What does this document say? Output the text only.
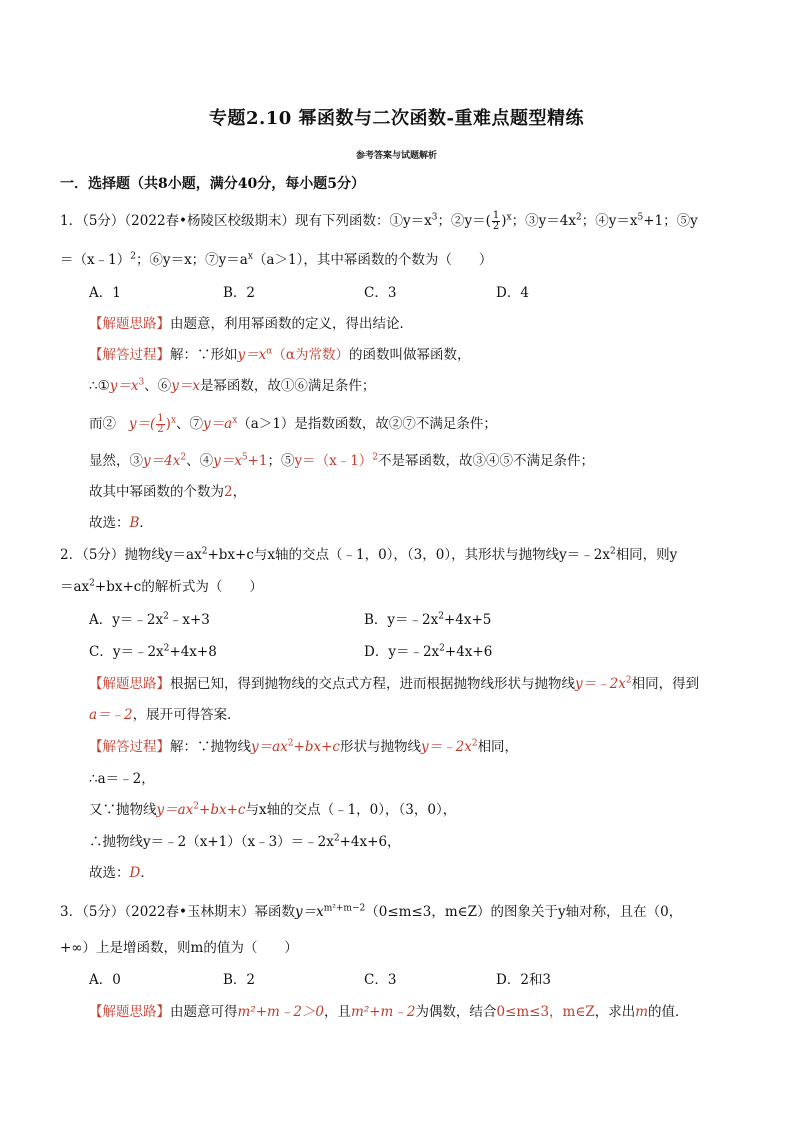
专题2.10 幂函数与二次函数-重难点题型精练
参考答案与试题解析
一．选择题（共8小题，满分40分，每小题5分）
1．（5分）（2022春•杨陵区校级期末）现有下列函数：$①y=x^3$；②y＝( $\frac{1}{2} )^x$；$③y=4x^2$；$④y=x^5+1$；⑤y
＝（x﹣1）$^2$；⑥y＝x；$⑦y=a^x(a>1)$，其中幂函数的个数为（　　）
A．1	B．2	C．3	D．4
【解题思路】由题意，利用幂函数的定义，得出结论．
【解答过程】解：∵形如$y=x^\alpha(\alpha$为常数）的函数叫做幂函数，
$\therefore ①y=x^3$、⑥y＝x是幂函数，故①⑥满足条件；
而② $y=( \frac{1}{2} )^x$、$⑦y=a^x(a>1)$是指数函数，故②⑦不满足条件；
显然，$③y=4x^2$、$④y=x^5+1$；⑤y＝（x﹣1）$^2$不是幂函数，故③④⑤不满足条件；
故其中幂函数的个数为2，
故选：B．
2．（5分）抛物线$y=ax^2+bx+c$与x轴的交点（﹣1，0），（3，0），其形状与抛物线$y=﹣2x^2$相同，则y
$=ax^2+bx+c$的解析式为（　　）
A．$y=﹣2x^2﹣x+3$	B．$y=﹣2x^2+4x+5$
C．$y=﹣2x^2+4x+8$	D．$y=﹣2x^2+4x+6$
【解题思路】根据已知，得到抛物线的交点式方程，进而根据抛物线形状与抛物线$y=﹣2x^2$相同，得到
a＝﹣2，展开可得答案．
【解答过程】解：∵抛物线$y=ax^2+bx+c$形状与抛物线$y=﹣2x^2$相同，
∴a＝﹣2，
又∵抛物线$y=ax^2+bx+c$与x轴的交点（﹣1，0），（3，0），
∴抛物线$y=﹣2(x+1)(x﹣3)=﹣2x^2+4x+6$，
故选：D．
3．（5分）（2022春•玉林期末）幂函数$y=x^{m^2+m-2}(0\le m\le 3$，m∈Z）的图象关于y轴对称，且在（0，
+∞）上是增函数，则m的值为（　　）
A．0	B．2	C．3	D．2和3
【解题思路】由题意可得m²+m﹣2＞0，且m²+m﹣2为偶数，结合0≤m≤3，m∈Z，求出m的值．
